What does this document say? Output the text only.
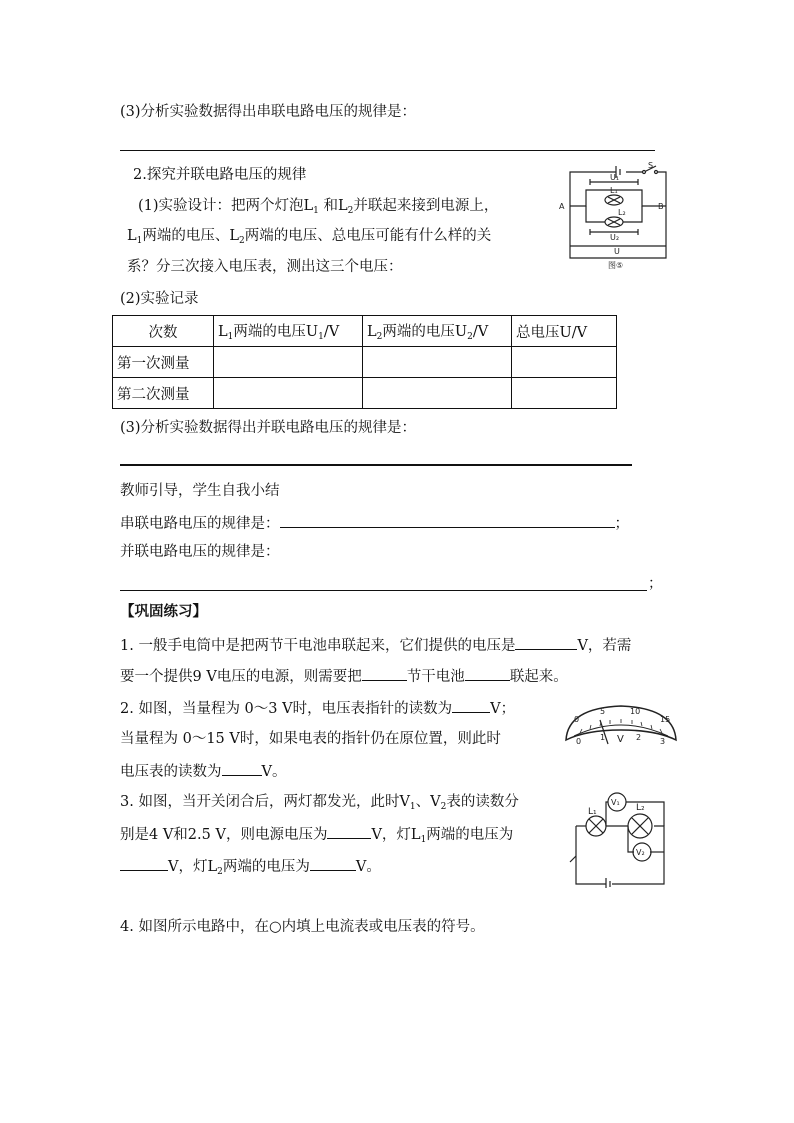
(3)分析实验数据得出串联电路电压的规律是：
2.探究并联电路电压的规律
(1)实验设计：把两个灯泡$L_1$ 和$L_2$并联起来接到电源上，
$L_1$两端的电压、$L_2$两端的电压、总电压可能有什么样的关
系？分三次接入电压表，测出这三个电压：
(2)实验记录
U₁
L₁
L₂
U₂
U
A	B
S
图⑤
次数	$L_1$两端的电压$U_1/V$	$L_2$两端的电压$U_2/V$	总电压U/V
第一次测量			
第二次测量			
(3)分析实验数据得出并联电路电压的规律是：
教师引导，学生自我小结
串联电路电压的规律是：	；
并联电路电压的规律是：
；
【巩固练习】
1. 一般手电筒中是把两节干电池串联起来，它们提供的电压是	V，若需
要一个提供9 V电压的电源，则需要把	节干电池	联起来。
2. 如图，当量程为 0～3 V时，电压表指针的读数为	V；
当量程为 0～15 V时，如果电表的指针仍在原位置，则此时
电压表的读数为	V。
0
5	10
15
0 1	2 3
V
3. 如图，当开关闭合后，两灯都发光，此时$V_1$、$V_2$表的读数分
别是4 V和2.5 V，则电源电压为	V，灯$L_1$两端的电压为
V，灯$L_2$两端的电压为	V。
L₁	L₂
V₁
V₂
4. 如图所示电路中，在○内填上电流表或电压表的符号。
